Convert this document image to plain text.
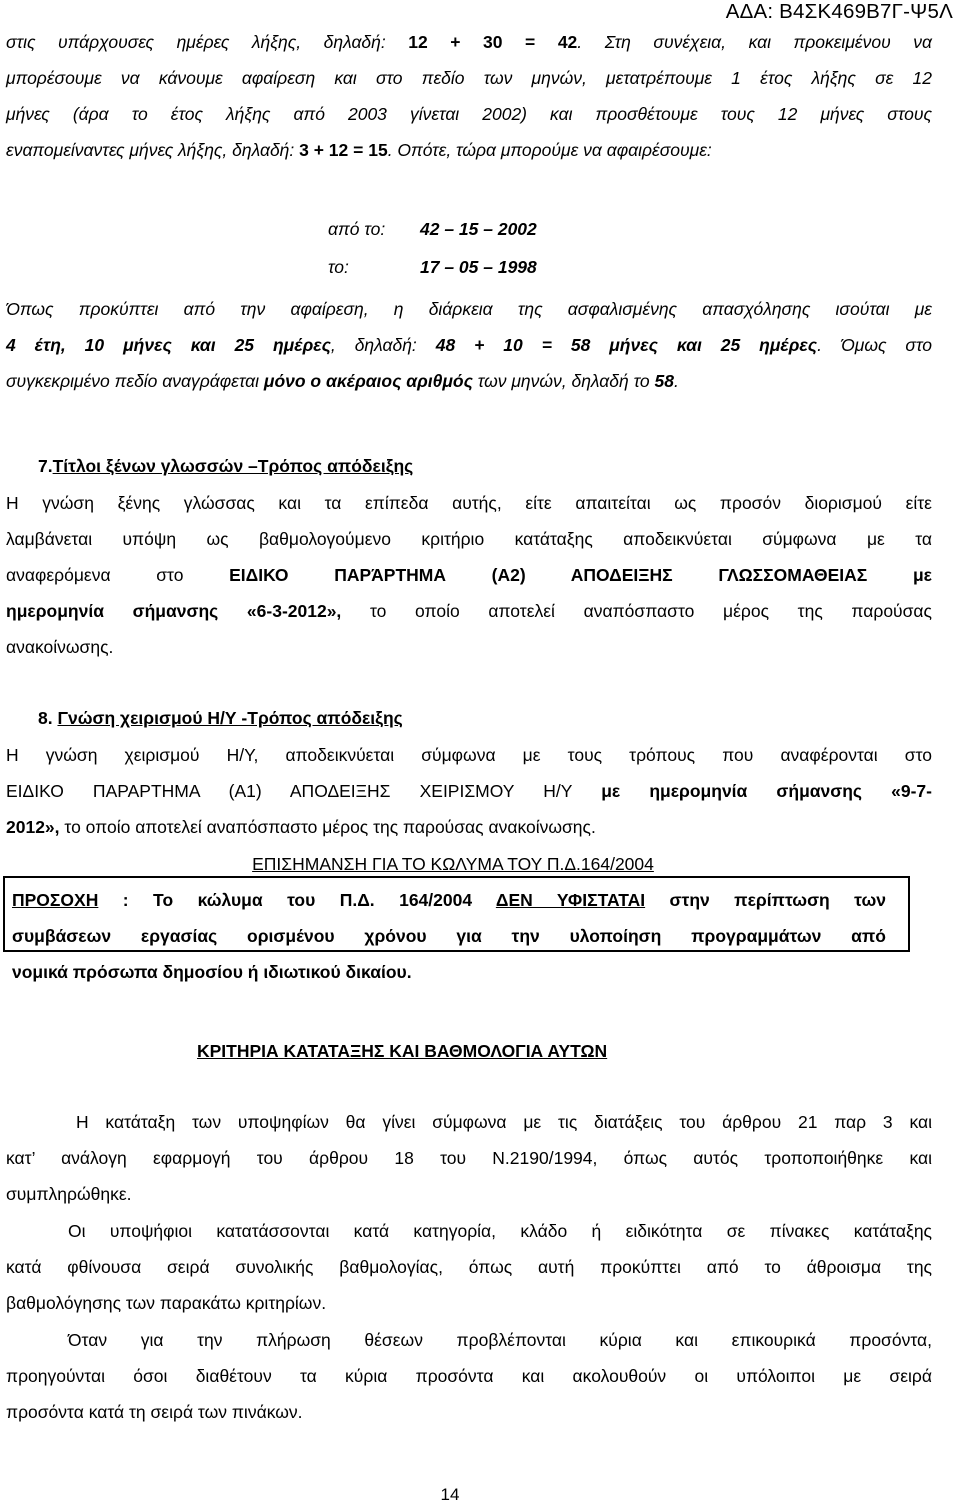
ΑΔΑ: Β4ΣΚ469Β7Γ-Ψ5Λ
στις υπάρχουσες ημέρες λήξης, δηλαδή: 12 + 30 = 42. Στη συνέχεια, και προκειμένου να
μπορέσουμε να κάνουμε αφαίρεση και στο πεδίο των μηνών, μετατρέπουμε 1 έτος λήξης σε 12
μήνες (άρα το έτος λήξης από 2003 γίνεται 2002) και προσθέτουμε τους 12 μήνες στους
εναπομείναντες μήνες λήξης, δηλαδή: 3 + 12 = 15. Οπότε, τώρα μπορούμε να αφαιρέσουμε:
από το: 42 – 15 – 2002
το:	17 – 05 – 1998
Όπως προκύπτει από την αφαίρεση, η διάρκεια της ασφαλισμένης απασχόλησης ισούται με
4 έτη, 10 μήνες και 25 ημέρες, δηλαδή: 48 + 10 = 58 μήνες και 25 ημέρες. Όμως στο
συγκεκριμένο πεδίο αναγράφεται μόνο ο ακέραιος αριθμός των μηνών, δηλαδή το 58.
7.Τίτλοι ξένων γλωσσών –Τρόπος απόδειξης
Η γνώση ξένης γλώσσας και τα επίπεδα αυτής, είτε απαιτείται ως προσόν διορισμού είτε
λαμβάνεται υπόψη ως βαθμολογούμενο κριτήριο κατάταξης αποδεικνύεται σύμφωνα με τα
αναφερόμενα	στο	ΕΙΔΙΚΟ ΠΑΡΆΡΤΗΜΑ (Α2) ΑΠΟΔΕΙΞΗΣ ΓΛΩΣΣΟΜΑΘΕΙΑΣ με
ημερομηνία σήμανσης «6-3-2012», το οποίο αποτελεί αναπόσπαστο μέρος της παρούσας
ανακοίνωσης.
8. Γνώση χειρισμού Η/Υ -Τρόπος απόδειξης
Η γνώση χειρισμού Η/Υ, αποδεικνύεται σύμφωνα με τους τρόπους που αναφέρονται στο
ΕΙΔΙΚΟ ΠΑΡΑΡΤΗΜΑ (Α1) ΑΠΟΔΕΙΞΗΣ ΧΕΙΡΙΣΜΟΥ Η/Υ με ημερομηνία σήμανσης «9-7-
2012», το οποίο αποτελεί αναπόσπαστο μέρος της παρούσας ανακοίνωσης.
ΕΠΙΣΗΜΑΝΣΗ ΓΙΑ ΤΟ ΚΩΛΥΜΑ ΤΟΥ Π.Δ.164/2004
ΠΡΟΣΟΧΗ : Το κώλυμα του Π.Δ. 164/2004 ΔΕΝ ΥΦΙΣΤΑΤΑΙ στην περίπτωση των
συμβάσεων εργασίας ορισμένου χρόνου για την υλοποίηση προγραμμάτων από
νομικά πρόσωπα δημοσίου ή ιδιωτικού δικαίου.
ΚΡΙΤΗΡΙΑ ΚΑΤΑΤΑΞΗΣ ΚΑΙ ΒΑΘΜΟΛΟΓΙΑ ΑΥΤΩΝ
Η κατάταξη των υποψηφίων θα γίνει σύμφωνα με τις διατάξεις του άρθρου 21 παρ 3 και
κατ’ ανάλογη εφαρμογή του άρθρου 18 του Ν.2190/1994, όπως αυτός τροποποιήθηκε και
συμπληρώθηκε.
Οι υποψήφιοι κατατάσσονται κατά κατηγορία, κλάδο ή ειδικότητα σε πίνακες κατάταξης
κατά φθίνουσα σειρά συνολικής βαθμολογίας, όπως αυτή προκύπτει από το άθροισμα της
βαθμολόγησης των παρακάτω κριτηρίων.
Όταν για την πλήρωση θέσεων προβλέπονται κύρια και επικουρικά προσόντα,
προηγούνται όσοι διαθέτουν τα κύρια προσόντα και ακολουθούν οι υπόλοιποι με σειρά
προσόντα κατά τη σειρά των πινάκων.
14
